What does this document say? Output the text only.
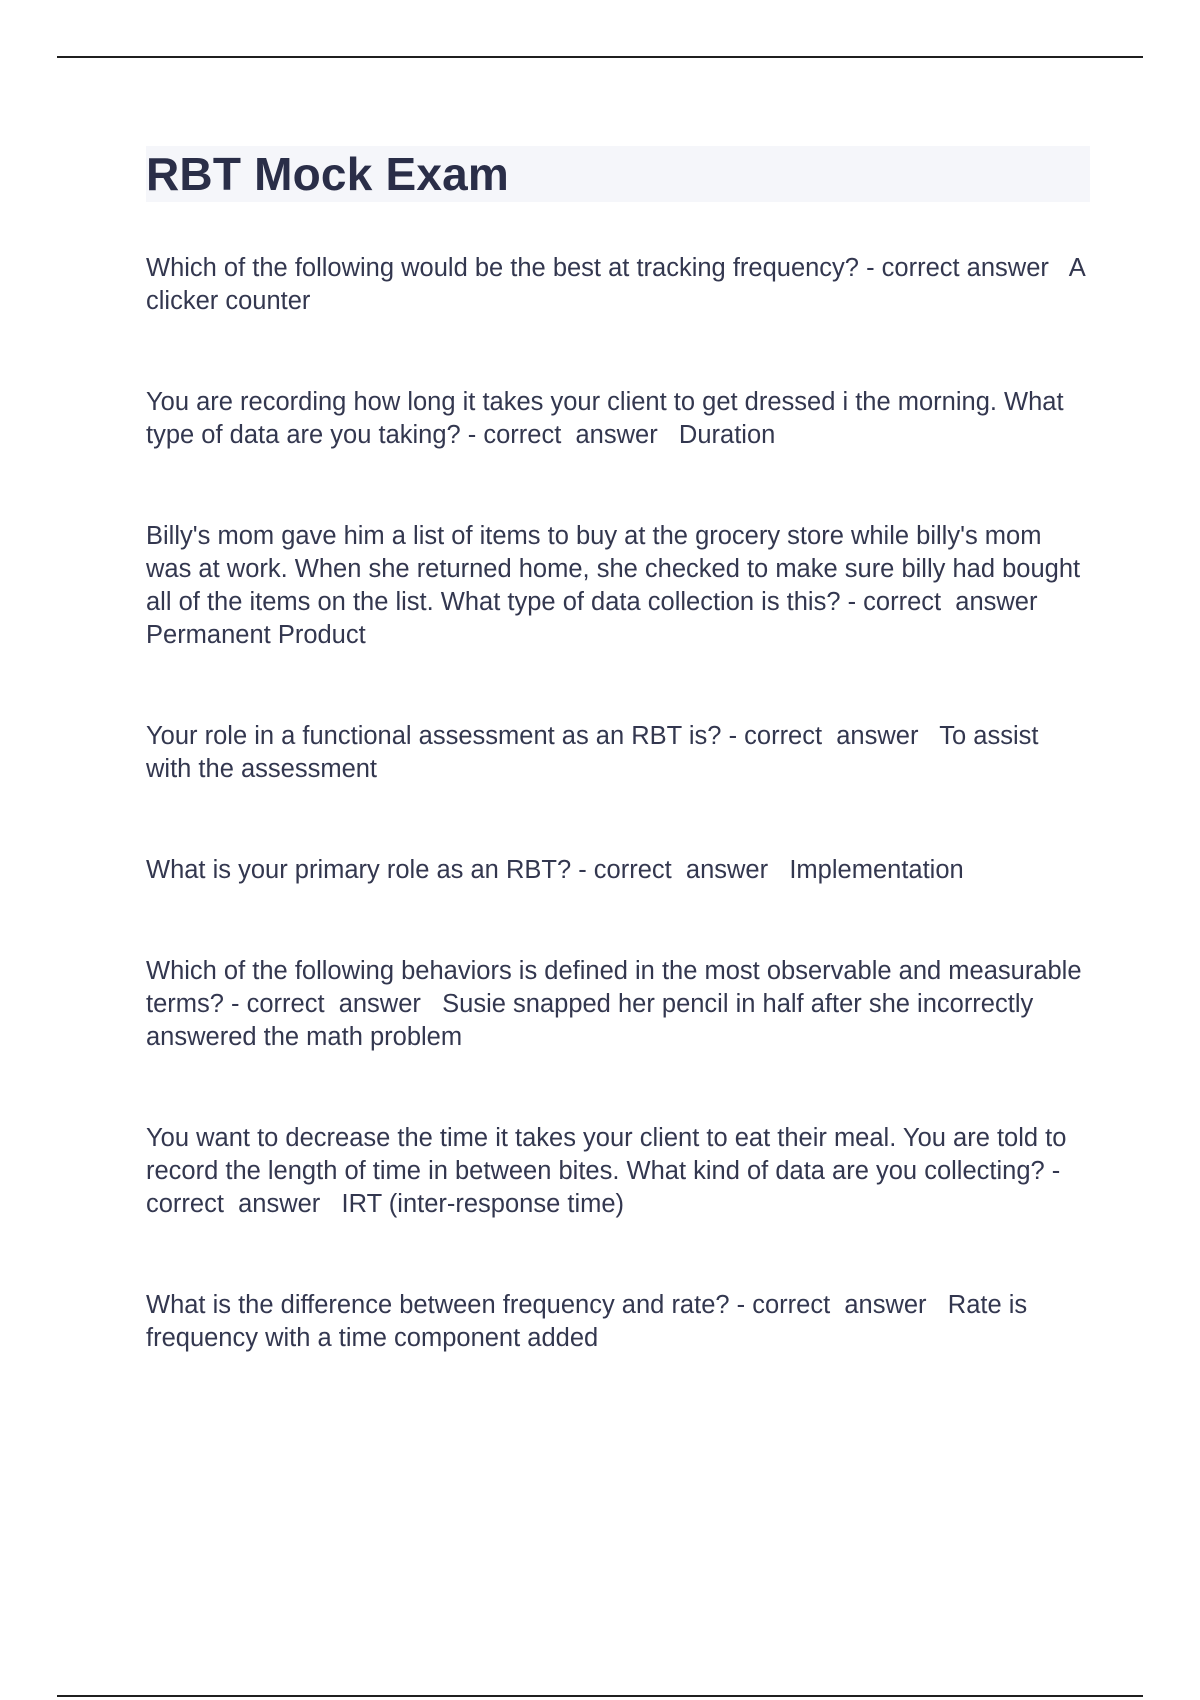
RBT Mock Exam

Which of the following would be the best at tracking frequency? - correct answer   A clicker counter

You are recording how long it takes your client to get dressed i the morning. What type of data are you taking? - correct  answer   Duration

Billy's mom gave him a list of items to buy at the grocery store while billy's mom was at work. When she returned home, she checked to make sure billy had bought all of the items on the list. What type of data collection is this? - correct  answer   Permanent Product

Your role in a functional assessment as an RBT is? - correct  answer   To assist with the assessment

What is your primary role as an RBT? - correct  answer   Implementation

Which of the following behaviors is defined in the most observable and measurable terms? - correct  answer   Susie snapped her pencil in half after she incorrectly answered the math problem

You want to decrease the time it takes your client to eat their meal. You are told to record the length of time in between bites. What kind of data are you collecting? - correct  answer   IRT (inter-response time)

What is the difference between frequency and rate? - correct  answer   Rate is frequency with a time component added
